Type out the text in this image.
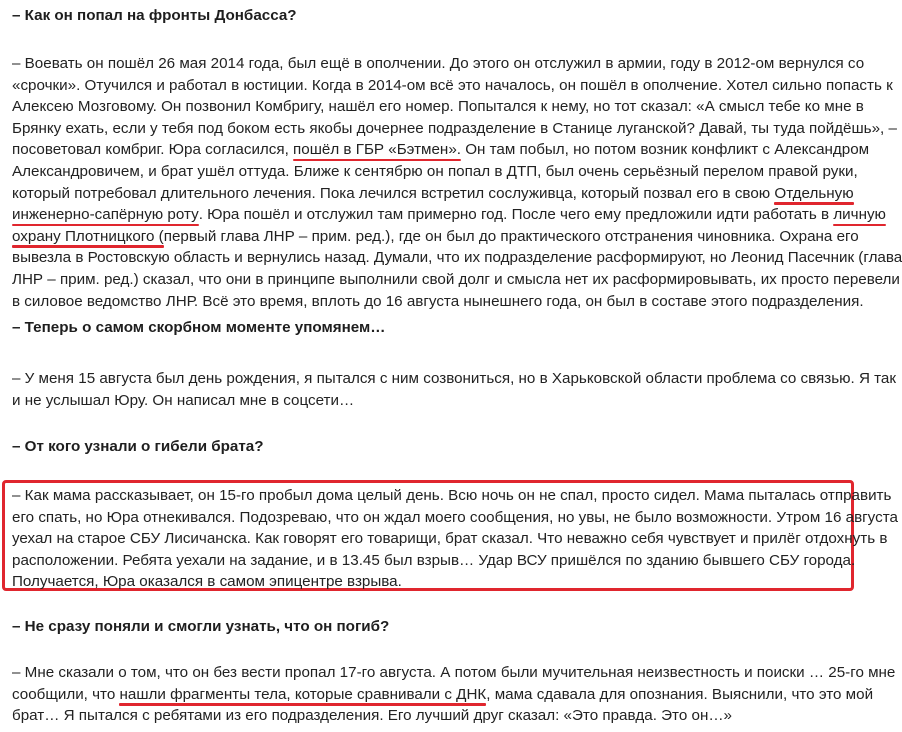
– Как он попал на фронты Донбасса?
– Воевать он пошёл 26 мая 2014 года, был ещё в ополчении. До этого он отслужил в армии, году в 2012-ом вернулся со
«срочки». Отучился и работал в юстиции. Когда в 2014-ом всё это началось, он пошёл в ополчение. Хотел сильно попасть к
Алексею Мозговому. Он позвонил Комбригу, нашёл его номер. Попытался к нему, но тот сказал: «А смысл тебе ко мне в
Брянку ехать, если у тебя под боком есть якобы дочернее подразделение в Станице луганской? Давай, ты туда пойдёшь», –
посоветовал комбриг. Юра согласился, пошёл в ГБР «Бэтмен». Он там побыл, но потом возник конфликт с Александром
Александровичем, и брат ушёл оттуда. Ближе к сентябрю он попал в ДТП, был очень серьёзный перелом правой руки,
который потребовал длительного лечения. Пока лечился встретил сослуживца, который позвал его в свою Отдельную
инженерно-сапёрную роту. Юра пошёл и отслужил там примерно год. После чего ему предложили идти работать в личную
охрану Плотницкого (первый глава ЛНР – прим. ред.), где он был до практического отстранения чиновника. Охрана его
вывезла в Ростовскую область и вернулись назад. Думали, что их подразделение расформируют, но Леонид Пасечник (глава
ЛНР – прим. ред.) сказал, что они в принципе выполнили свой долг и смысла нет их расформировывать, их просто перевели
в силовое ведомство ЛНР. Всё это время, вплоть до 16 августа нынешнего года, он был в составе этого подразделения.
– Теперь о самом скорбном моменте упомянем…
– У меня 15 августа был день рождения, я пытался с ним созвониться, но в Харьковской области проблема со связью. Я так
и не услышал Юру. Он написал мне в соцсети…
– От кого узнали о гибели брата?
– Как мама рассказывает, он 15-го пробыл дома целый день. Всю ночь он не спал, просто сидел. Мама пыталась отправить
его спать, но Юра отнекивался. Подозреваю, что он ждал моего сообщения, но увы, не было возможности. Утром 16 августа
уехал на старое СБУ Лисичанска. Как говорят его товарищи, брат сказал. Что неважно себя чувствует и прилёг отдохнуть в
расположении. Ребята уехали на задание, и в 13.45 был взрыв… Удар ВСУ пришёлся по зданию бывшего СБУ города.
Получается, Юра оказался в самом эпицентре взрыва.
– Не сразу поняли и смогли узнать, что он погиб?
– Мне сказали о том, что он без вести пропал 17-го августа. А потом были мучительная неизвестность и поиски … 25-го мне
сообщили, что нашли фрагменты тела, которые сравнивали с ДНК, мама сдавала для опознания. Выяснили, что это мой
брат… Я пытался с ребятами из его подразделения. Его лучший друг сказал: «Это правда. Это он…»
